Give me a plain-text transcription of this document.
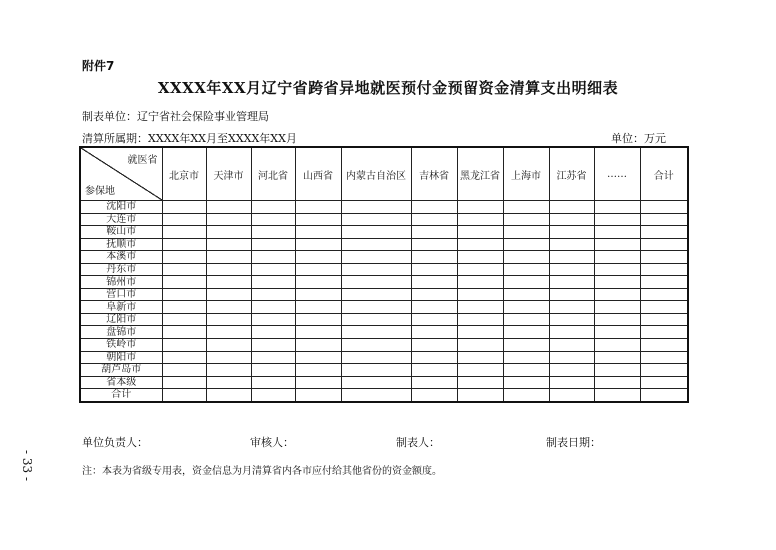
附件7
XXXX年XX月辽宁省跨省异地就医预付金预留资金清算支出明细表
制表单位：辽宁省社会保险事业管理局
清算所属期：XXXX年XX月至XXXX年XX月	单位：万元
就医省
参保地	北京市	天津市	河北省	山西省	内蒙古自治区	吉林省	黑龙江省	上海市	江苏省	……	合计
沈阳市											
大连市											
鞍山市											
抚顺市											
本溪市											
丹东市											
锦州市											
营口市											
阜新市											
辽阳市											
盘锦市											
铁岭市											
朝阳市											
葫芦岛市											
省本级											
合计											
单位负责人：	审核人：	制表人：	制表日期：
注：本表为省级专用表，资金信息为月清算省内各市应付给其他省份的资金额度。
- 33 -
